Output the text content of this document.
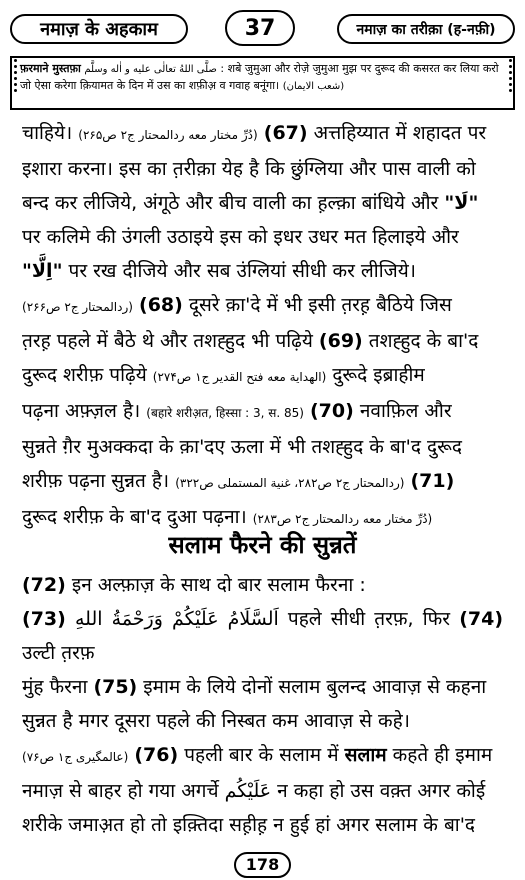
नमाज़ के अहकाम	37	नमाज़ का तरीक़ा (ह-नफ़ी)
फ़रमाने मुस्तफ़ा صلَّى اللهُ تعالٰى عليه و اٰله وسلَّم : शबे जुमुआ और रोज़े जुमुआ मुझ पर दुरूद की कसरत कर लिया करो जो ऐसा करेगा क़ियामत के दिन में उस का शफ़ीअ़ व गवाह बनूंगा। (شعب الایمان)

चाहिये। (دُرِّ مختار معه ردالمحتار ج۲ ص۲۶۵) (67) अत्तहिय्यात में शहादत पर

इशारा करना। इस का त़रीक़ा येह है कि छुंग्लिया और पास वाली को

बन्द कर लीजिये, अंगूठे और बीच वाली का ह़ल्क़ा बांधिये और "لَا"

पर कलिमे की उंगली उठाइये इस को इधर उधर मत हिलाइये और

"اِلَّا" पर रख दीजिये और सब उंग्लियां सीधी कर लीजिये।

(ردالمحتار ج۲ ص۲۶۶) (68) दूसरे क़ा'दे में भी इसी त़रह़ बैठिये जिस

त़रह़ पहले में बैठे थे और तशह्हुद भी पढ़िये (69) तशह्हुद के बा'द

दुरूद शरीफ़ पढ़िये (الهداية معه فتح القدير ج۱ ص۲۷۴) दुरूदे इब्राहीम

पढ़ना अफ़्ज़ल है। (बहारे शरीअ़त, हिस्सा : 3, स. 85) (70) नवाफ़िल और

सुन्नते ग़ैर मुअक्कदा के क़ा'दए ऊला में भी तशह्हुद के बा'द दुरूद

शरीफ़ पढ़ना सुन्नत है। (ردالمحتار ج۲ ص۲۸۲، غنية المستملى ص۳۲۲) (71)

दुरूद शरीफ़ के बा'द दुआ पढ़ना। (دُرِّ مختار معه ردالمحتار ج۲ ص۲۸۳)

सलाम फैरने की सुन्नतें

(72) इन अल्फ़ाज़ के साथ दो बार सलाम फैरना :

اَلسَّلَامُ عَلَيْكُمْ وَرَحْمَةُ اللهِ (73)	पहले सीधी त़रफ़, फिर (74) उल्टी त़रफ़

मुंह फैरना (75) इमाम के लिये दोनों सलाम बुलन्द आवाज़ से कहना

सुन्नत है मगर दूसरा पहले की निस्बत कम आवाज़ से कहे।

(عالمگیری ج۱ ص۷۶) (76) पहली बार के सलाम में सलाम कहते ही इमाम

नमाज़ से बाहर हो गया अगर्चे عَلَيْكُم न कहा हो उस वक़्त अगर कोई

शरीके जमाअ़त हो तो इक़्तिदा सह़ीह़ न हुई हां अगर सलाम के बा'द

178
